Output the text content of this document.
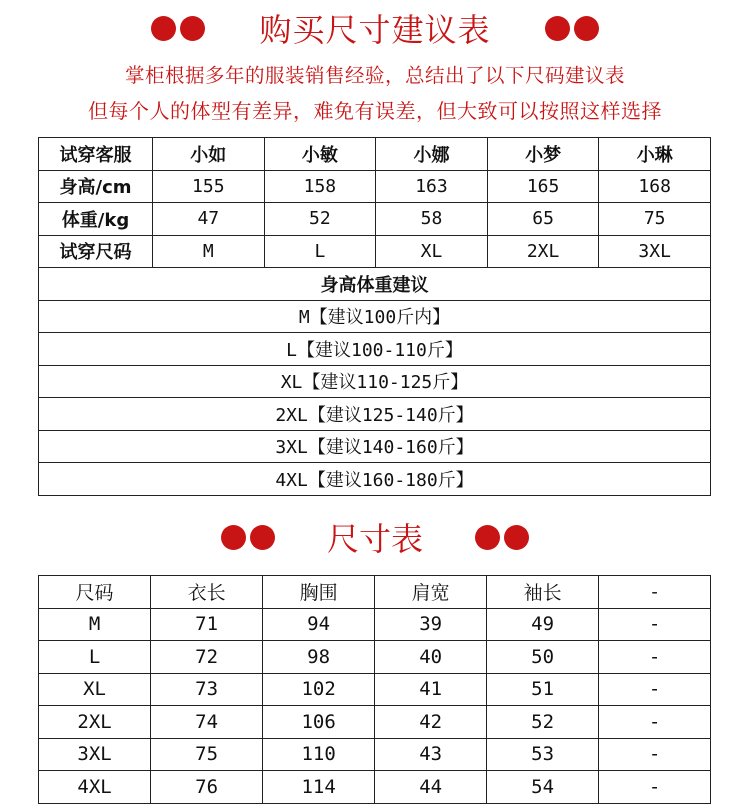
购买尺寸建议表
掌柜根据多年的服装销售经验，总结出了以下尺码建议表
但每个人的体型有差异，难免有误差，但大致可以按照这样选择
试穿客服	小如	小敏	小娜	小梦	小琳
身高/cm	155	158	163	165	168
体重/kg	47	52	58	65	75
试穿尺码	M	L	XL	2XL	3XL
身高体重建议					
M【建议100斤内】					
L【建议100-110斤】					
XL【建议110-125斤】					
2XL【建议125-140斤】					
3XL【建议140-160斤】					
4XL【建议160-180斤】					
尺寸表
尺码	衣长	胸围	肩宽	袖长	-
M	71	94	39	49	-
L	72	98	40	50	-
XL	73	102	41	51	-
2XL	74	106	42	52	-
3XL	75	110	43	53	-
4XL	76	114	44	54	-
